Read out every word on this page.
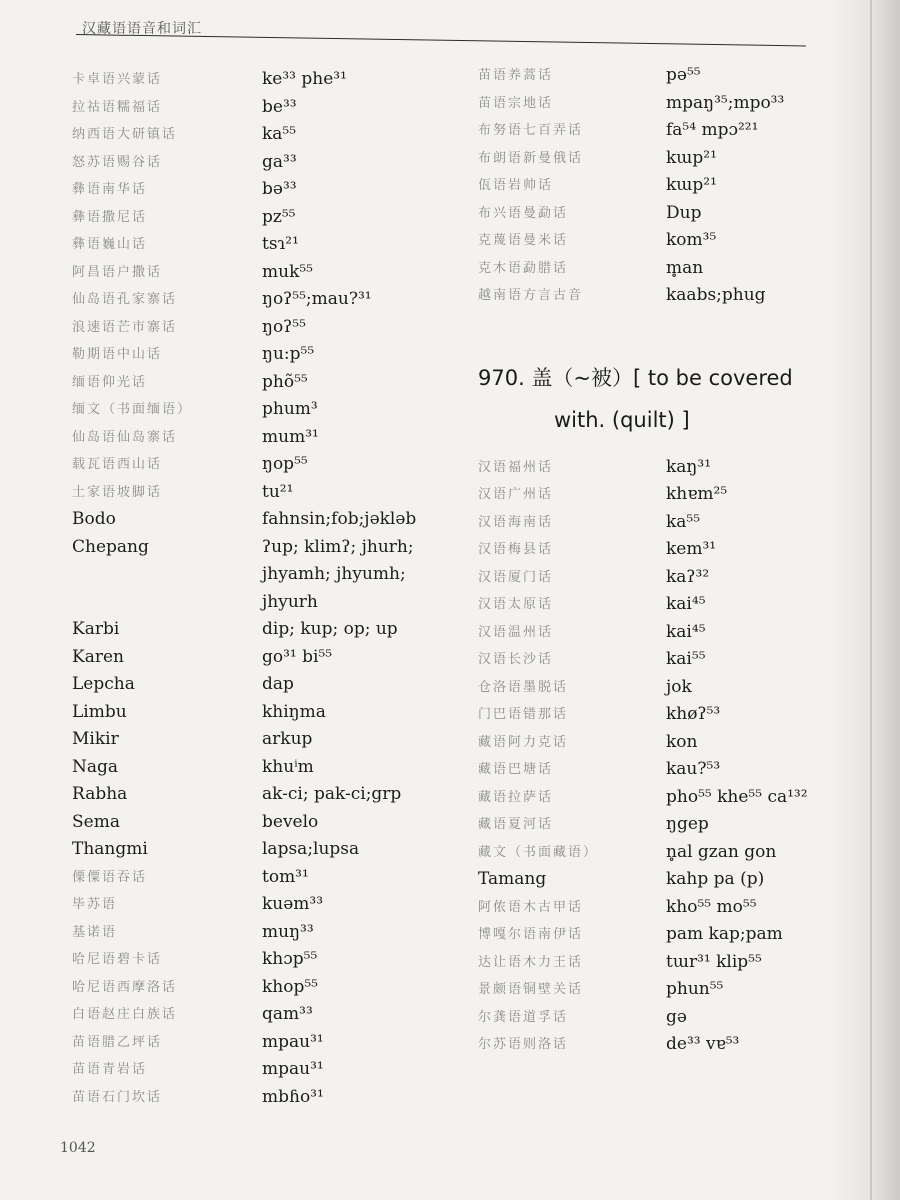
汉藏语语音和词汇
卡卓语兴蒙话	ke³³ phe³¹
拉祜语糯福话	be³³
纳西语大研镇话	ka⁵⁵
怒苏语赐谷话	ga³³
彝语南华话	bə³³
彝语撒尼话	pz⁵⁵
彝语巍山话	tsɿ²¹
阿昌语户撒话	muk⁵⁵
仙岛语孔家寨话	ŋoʔ⁵⁵;mau?³¹
浪速语芒市寨话	ŋoʔ⁵⁵
勒期语中山话	ŋu:p⁵⁵
缅语仰光话	phõ⁵⁵
缅文（书面缅语）	phum³
仙岛语仙岛寨话	mum³¹
载瓦语西山话	ŋop⁵⁵
土家语坡脚话	tu²¹
Bodo	fahnsin;fob;jəkləb
Chepang	ʔup; klimʔ; jhurh;
jhyamh; jhyumh;
jhyurh
Karbi	dip; kup; op; up
Karen	go³¹ bi⁵⁵
Lepcha	dap
Limbu	khiŋma
Mikir	arkup
Naga	khuⁱm
Rabha	ak-ci; pak-ci;grp
Sema	bevelo
Thangmi	lapsa;lupsa
傈僳语吞话	tom³¹
毕苏语	kuəm³³
基诺语	muŋ³³
哈尼语碧卡话	khɔp⁵⁵
哈尼语西摩洛话	khop⁵⁵
白语赵庄白族话	qam³³
苗语腊乙坪话	mpau³¹
苗语青岩话	mpau³¹
苗语石门坎话	mbɦo³¹
苗语养蒿话	pə⁵⁵
苗语宗地话	mpaŋ³⁵;mpo³³
布努语七百弄话	fa⁵⁴ mpɔ²²¹
布朗语新曼俄话	kɯp²¹
佤语岩帅话	kɯp²¹
布兴语曼勐话	Dup
克蔑语曼米话	kom³⁵
克木语勐腊话	m̥an
越南语方言古音	kaabs;phug
970. 盖（~被）[ to be covered
with. (quilt) ]
汉语福州话	kaŋ³¹
汉语广州话	khɐm²⁵
汉语海南话	ka⁵⁵
汉语梅县话	kem³¹
汉语厦门话	kaʔ³²
汉语太原话	kai⁴⁵
汉语温州话	kai⁴⁵
汉语长沙话	kai⁵⁵
仓洛语墨脱话	jok
门巴语错那话	khøʔ⁵³
藏语阿力克话	kon
藏语巴塘话	kau?⁵³
藏语拉萨话	pho⁵⁵ khe⁵⁵ ca¹³²
藏语夏河话	ŋgep
藏文（书面藏语）	n̥al gzan gon
Tamang	kahp pa (p)
阿侬语木古甲话	kho⁵⁵ mo⁵⁵
博嘎尔语南伊话	pam kap;pam
达让语木力王话	tɯr³¹ klip⁵⁵
景颇语铜壁关话	phun⁵⁵
尔龚语道孚话	gə
尔苏语则洛话	de³³ vɐ⁵³
1042
